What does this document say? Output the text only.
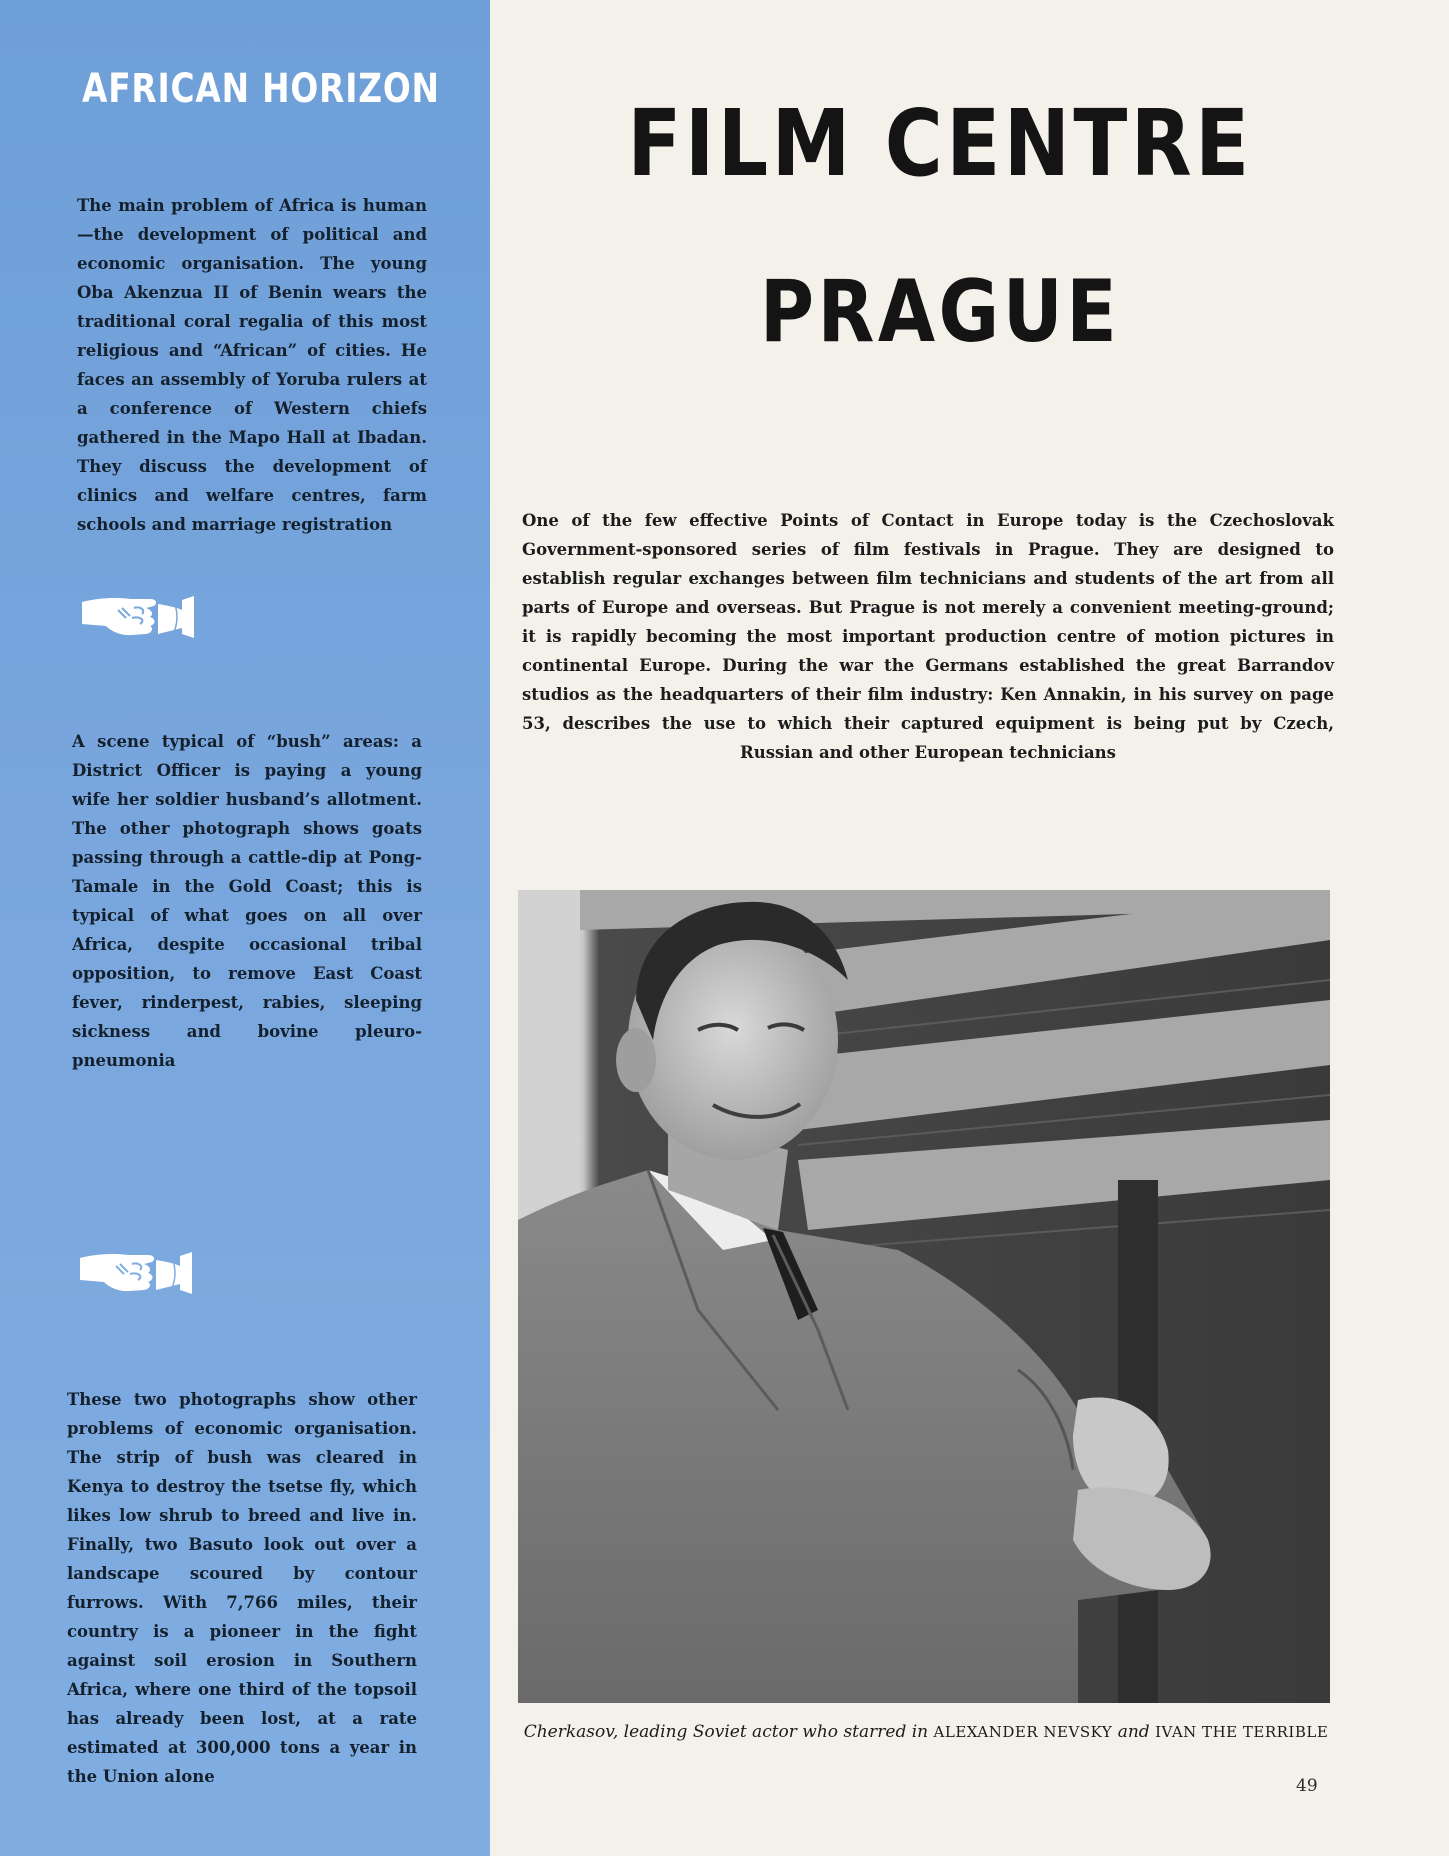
AFRICAN HORIZON
The main problem of Africa is human—the development of political and economic organisation. The young Oba Akenzua II of Benin wears the traditional coral regalia of this most religious and “African” of cities. He faces an assembly of Yoruba rulers at a conference of Western chiefs gathered in the Mapo Hall at Ibadan. They discuss the development of clinics and welfare centres, farm schools and marriage registration
A scene typical of “bush” areas: a District Officer is paying a young wife her soldier husband’s allotment. The other photograph shows goats passing through a cattle-dip at Pong-Tamale in the Gold Coast; this is typical of what goes on all over Africa, despite occasional tribal opposition, to remove East Coast fever, rinderpest, rabies, sleeping sickness and bovine pleuro-pneumonia
These two photographs show other problems of economic organisation. The strip of bush was cleared in Kenya to destroy the tsetse fly, which likes low shrub to breed and live in. Finally, two Basuto look out over a landscape scoured by contour furrows. With 7,766 miles, their country is a pioneer in the fight against soil erosion in Southern Africa, where one third of the topsoil has already been lost, at a rate estimated at 300,000 tons a year in the Union alone
FILM CENTRE
PRAGUE
One of the few effective Points of Contact in Europe today is the Czechoslovak Government-sponsored series of film festivals in Prague. They are designed to establish regular exchanges between film technicians and students of the art from all parts of Europe and overseas. But Prague is not merely a convenient meeting-ground; it is rapidly becoming the most important production centre of motion pictures in continental Europe. During the war the Germans established the great Barrandov studios as the headquarters of their film industry: Ken Annakin, in his survey on page 53, describes the use to which their captured equipment is being put by Czech, Russian and other European technicians
Cherkasov, leading Soviet actor who starred in ALEXANDER NEVSKY and IVAN THE TERRIBLE
49
